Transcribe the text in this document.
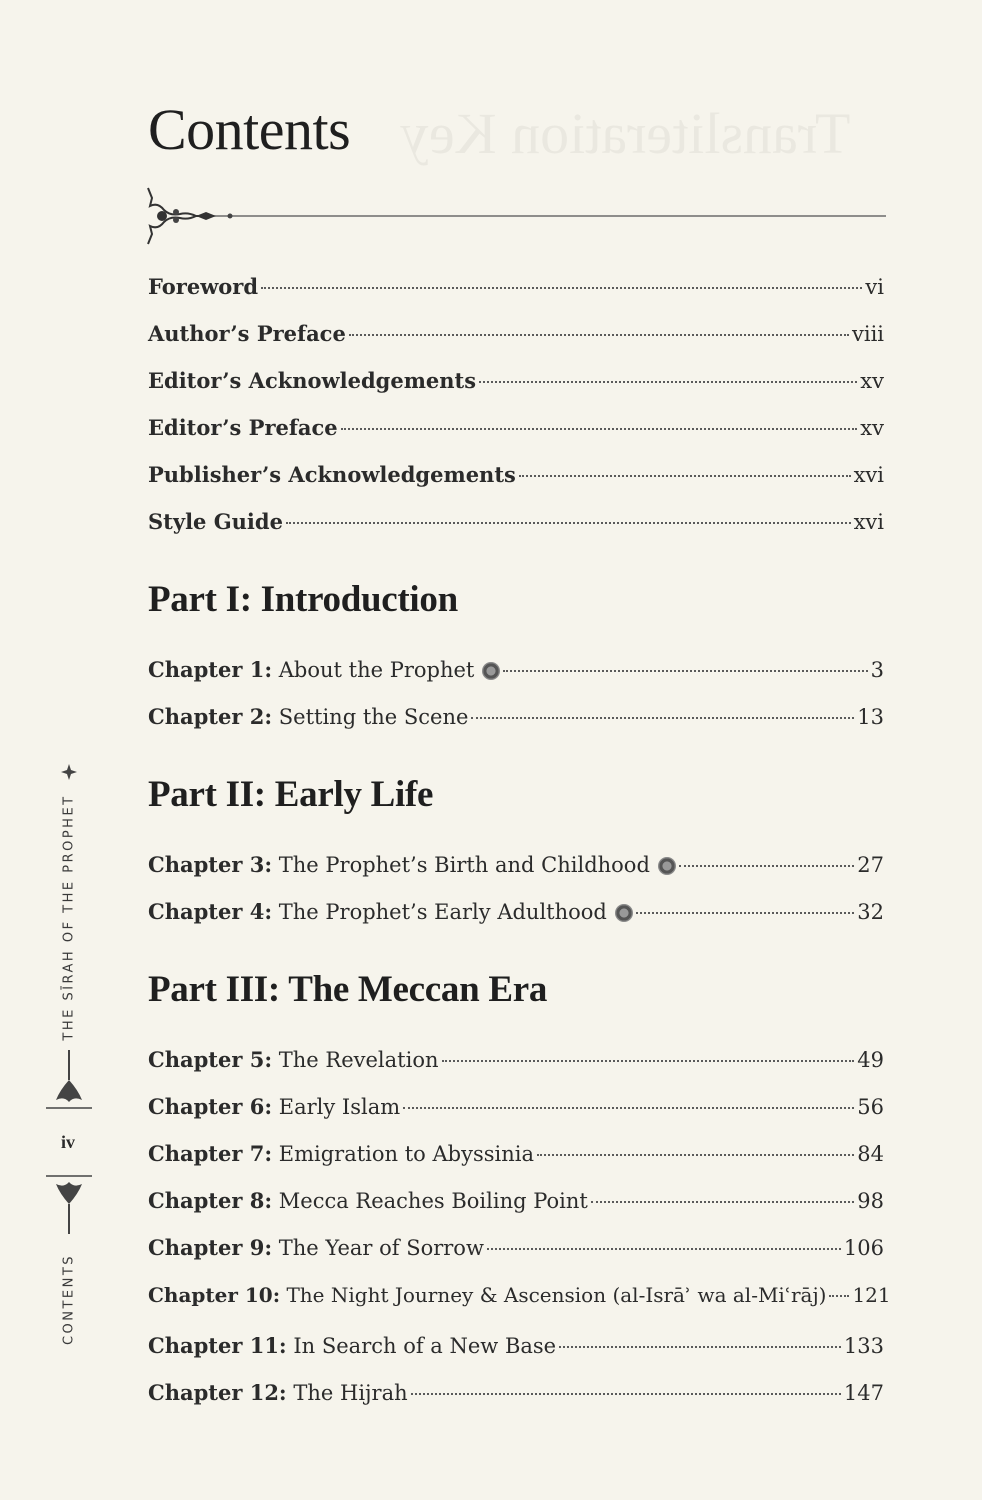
Contents
Foreword	vi
Author’s Preface	viii
Editor’s Acknowledgements	xv
Editor’s Preface	xv
Publisher’s Acknowledgements	xvi
Style Guide	xvi
Part I: Introduction
Chapter 1: About the Prophet	3
Chapter 2: Setting the Scene	13
Part II: Early Life
Chapter 3: The Prophet’s Birth and Childhood	27
Chapter 4: The Prophet’s Early Adulthood	32
Part III: The Meccan Era
Chapter 5: The Revelation	49
Chapter 6: Early Islam	56
Chapter 7: Emigration to Abyssinia	84
Chapter 8: Mecca Reaches Boiling Point	98
Chapter 9: The Year of Sorrow	106
Chapter 10: The Night Journey & Ascension (al-Isrāʾ wa al-Miʿrāj) 121
Chapter 11: In Search of a New Base	133
Chapter 12: The Hijrah	147
THE SĪRAH OF THE PROPHET
CONTENTS
iv
